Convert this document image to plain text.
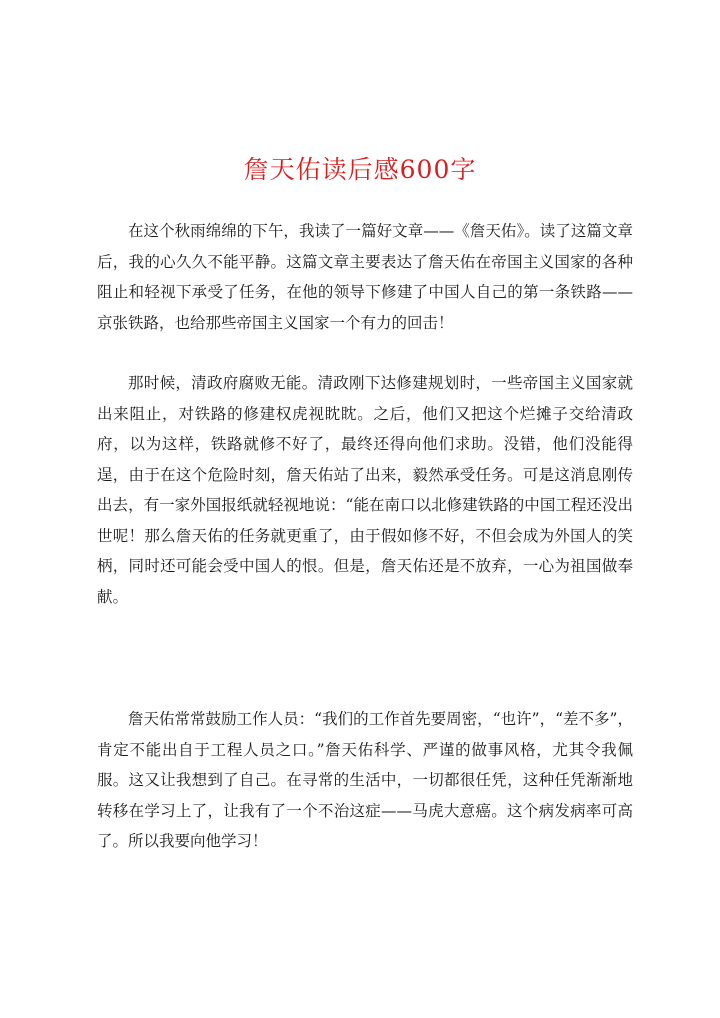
詹天佑读后感600字

在这个秋雨绵绵的下午，我读了一篇好文章——《詹天佑》。读了这篇文章后，我的心久久不能平静。这篇文章主要表达了詹天佑在帝国主义国家的各种阻止和轻视下承受了任务，在他的领导下修建了中国人自己的第一条铁路——京张铁路，也给那些帝国主义国家一个有力的回击！

那时候，清政府腐败无能。清政刚下达修建规划时，一些帝国主义国家就出来阻止，对铁路的修建权虎视眈眈。之后，他们又把这个烂摊子交给清政府，以为这样，铁路就修不好了，最终还得向他们求助。没错，他们没能得逞，由于在这个危险时刻，詹天佑站了出来，毅然承受任务。可是这消息刚传出去，有一家外国报纸就轻视地说：“能在南口以北修建铁路的中国工程还没出世呢！那么詹天佑的任务就更重了，由于假如修不好，不但会成为外国人的笑柄，同时还可能会受中国人的恨。但是，詹天佑还是不放弃，一心为祖国做奉献。

詹天佑常常鼓励工作人员：“我们的工作首先要周密，“也许”，“差不多”，肯定不能出自于工程人员之口。”詹天佑科学、严谨的做事风格，尤其令我佩服。这又让我想到了自己。在寻常的生活中，一切都很任凭，这种任凭渐渐地转移在学习上了，让我有了一个不治这症——马虎大意癌。这个病发病率可高了。所以我要向他学习！
